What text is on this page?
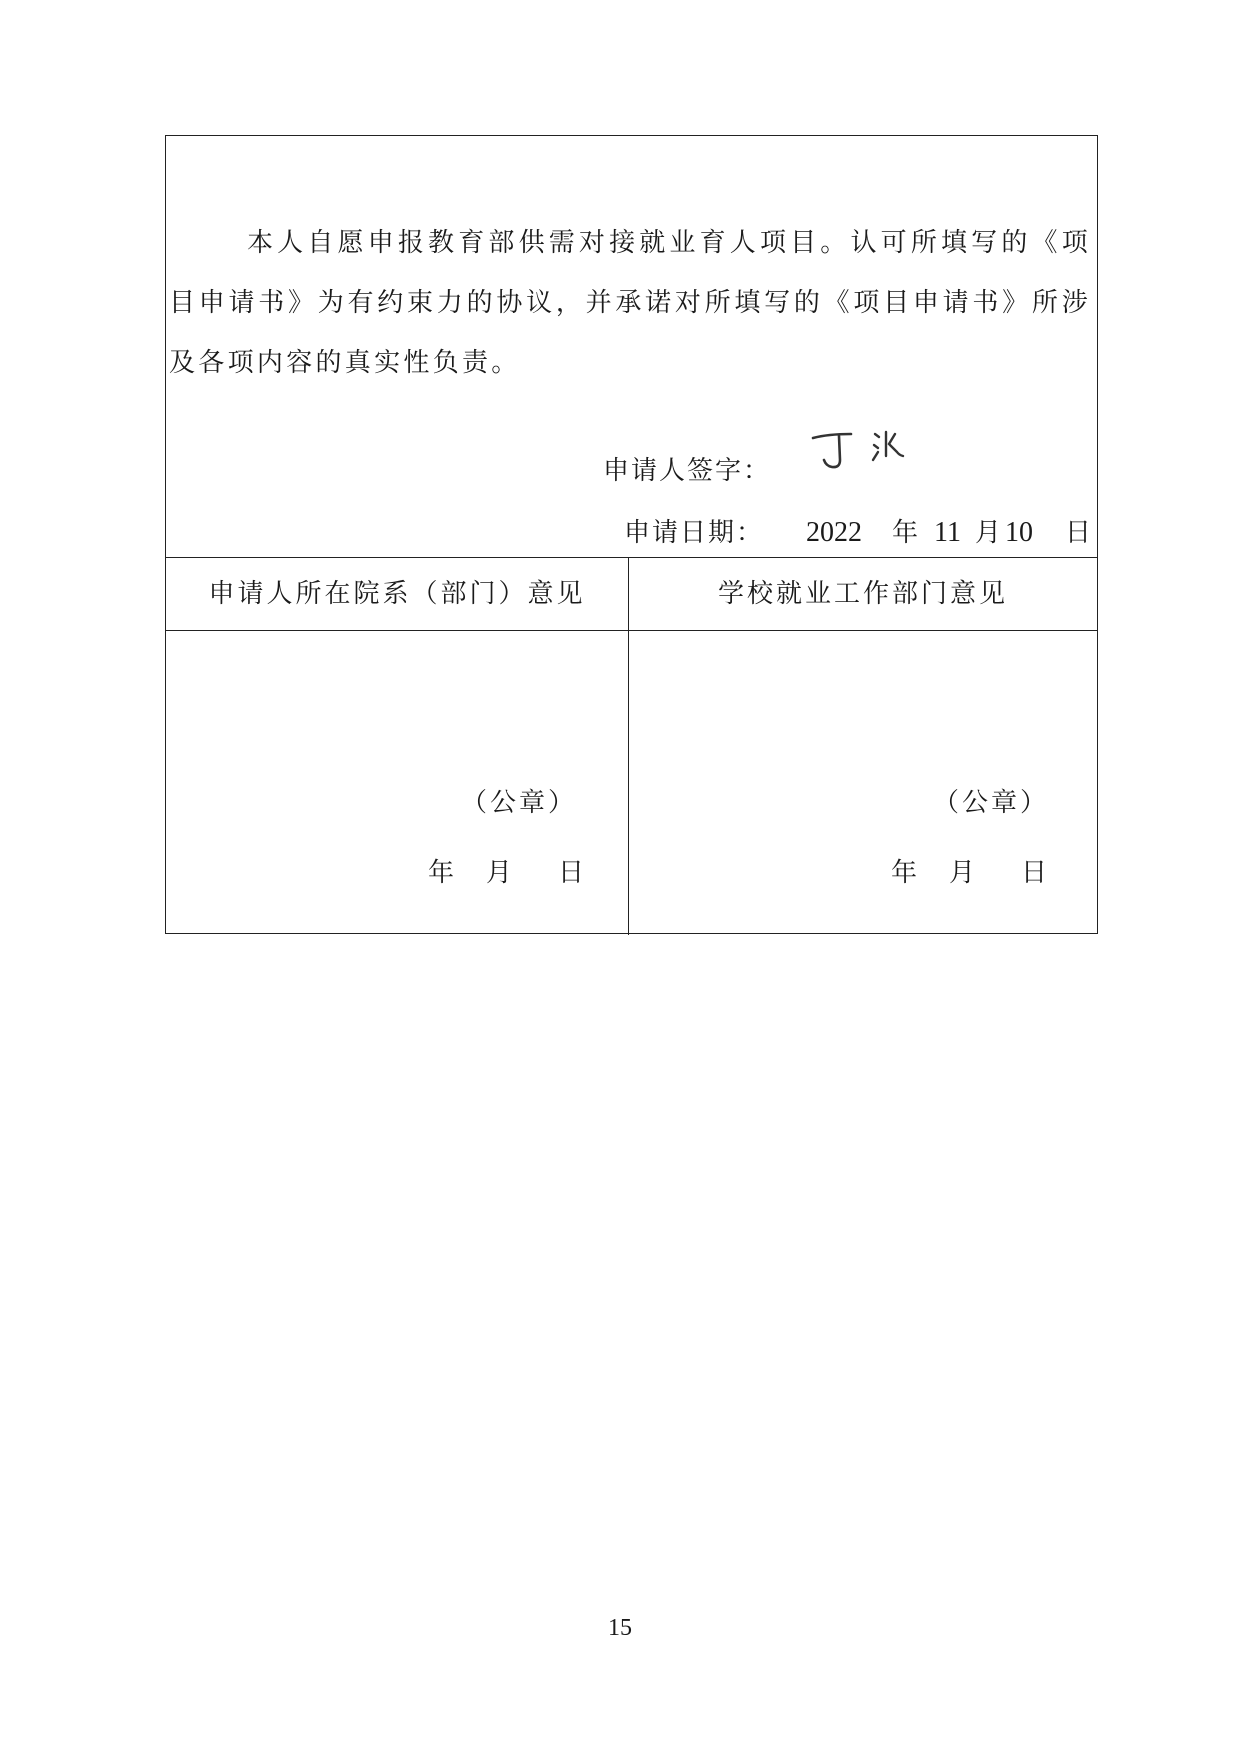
本人自愿申报教育部供需对接就业育人项目。认可所填写的《项目申请书》为有约束力的协议，并承诺对所填写的《项目申请书》所涉及各项内容的真实性负责。

申请人签字：
申请日期： 2022 年 11 月 10 日
申请人所在院系（部门）意见	学校就业工作部门意见
（公章）
年 月 日
（公章）
年 月 日
15
